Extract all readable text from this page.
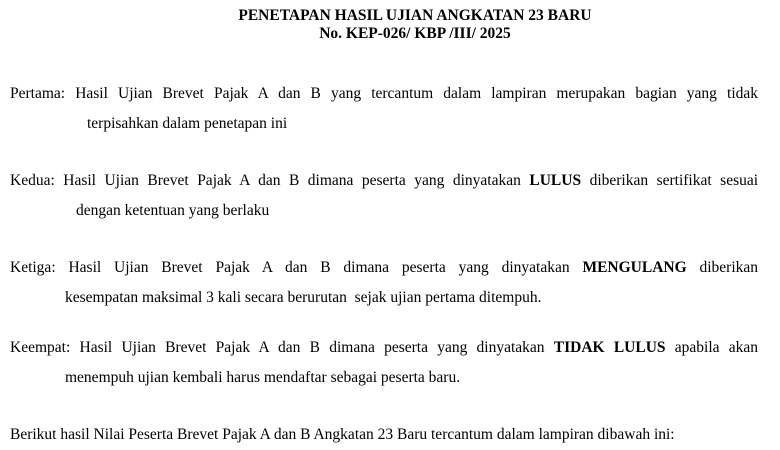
PENETAPAN HASIL UJIAN ANGKATAN 23 BARU
No. KEP-026/ KBP /III/ 2025
Pertama: Hasil Ujian Brevet Pajak A dan B yang tercantum dalam lampiran merupakan bagian yang tidak
terpisahkan dalam penetapan ini
Kedua: Hasil Ujian Brevet Pajak A dan B dimana peserta yang dinyatakan LULUS diberikan sertifikat sesuai
dengan ketentuan yang berlaku
Ketiga: Hasil Ujian Brevet Pajak A dan B dimana peserta yang dinyatakan MENGULANG diberikan
kesempatan maksimal 3 kali secara berurutan  sejak ujian pertama ditempuh.
Keempat: Hasil Ujian Brevet Pajak A dan B dimana peserta yang dinyatakan TIDAK LULUS apabila akan
menempuh ujian kembali harus mendaftar sebagai peserta baru.
Berikut hasil Nilai Peserta Brevet Pajak A dan B Angkatan 23 Baru tercantum dalam lampiran dibawah ini:
